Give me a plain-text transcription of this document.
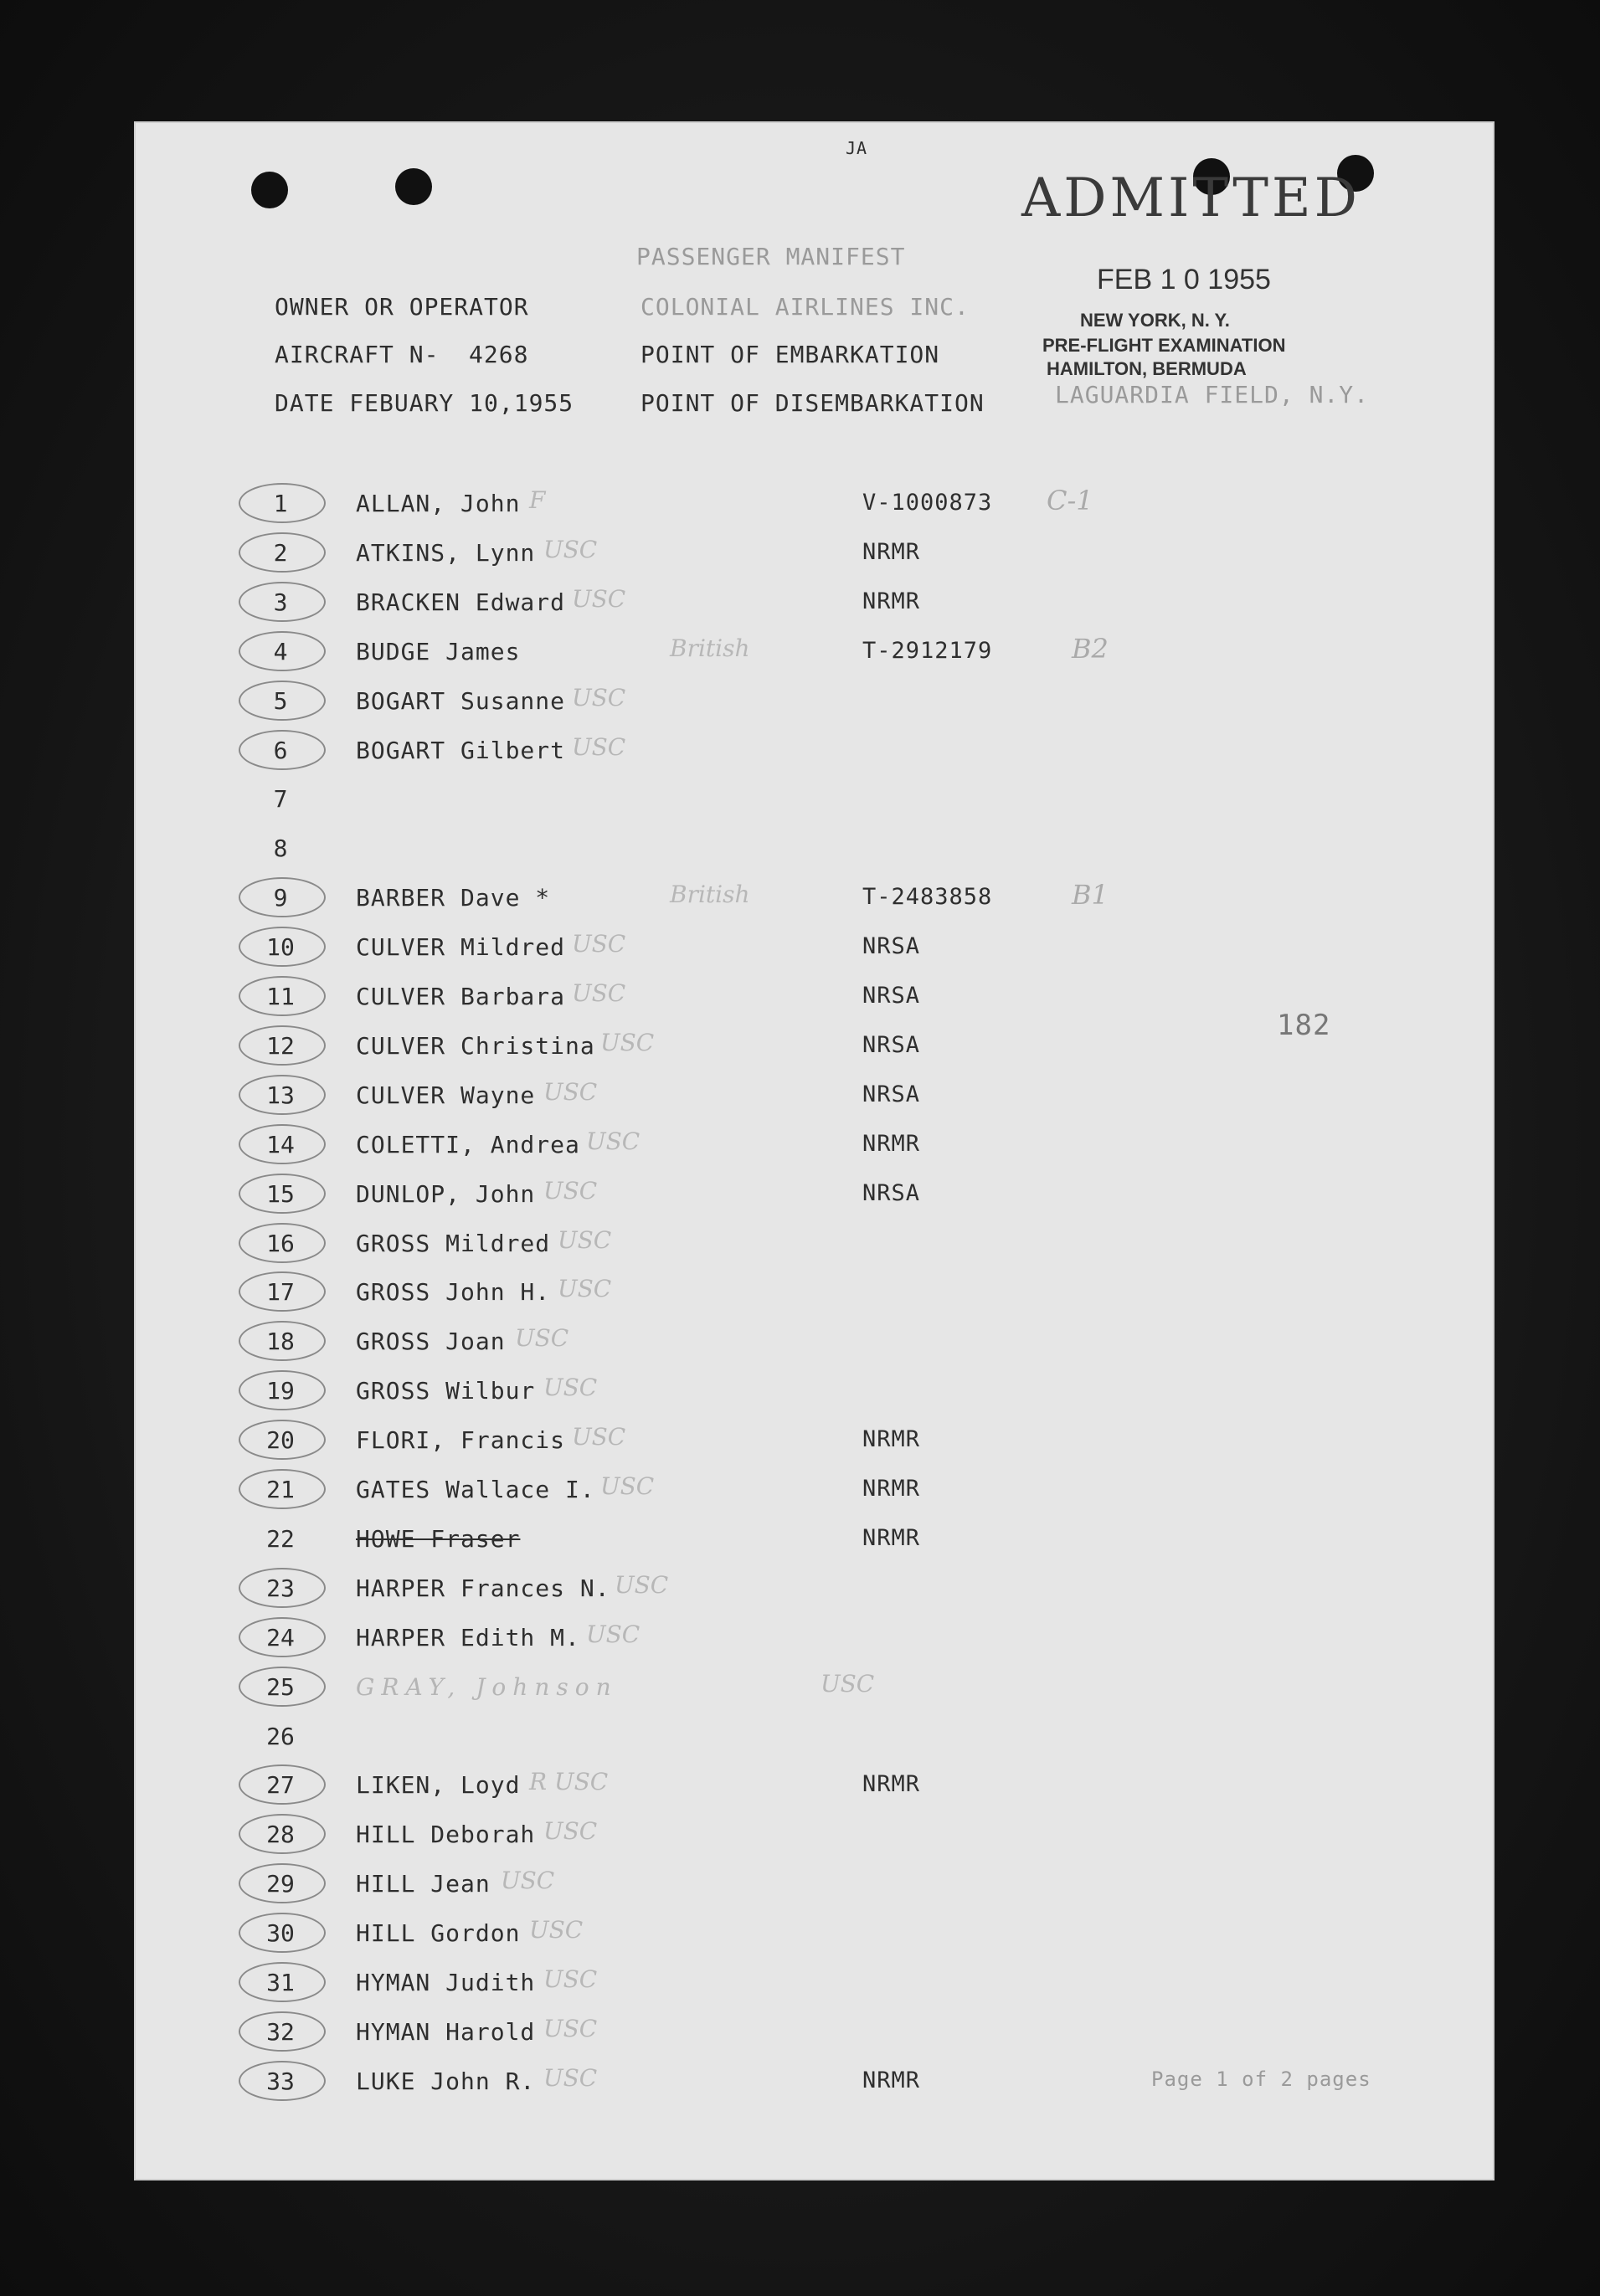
JA
ADMITTED
FEB 1 0 1955
NEW YORK, N. Y.
PRE-FLIGHT EXAMINATION
HAMILTON, BERMUDA
PASSENGER MANIFEST
OWNER OR OPERATOR	COLONIAL AIRLINES INC.
AIRCRAFT N- 4268	POINT OF EMBARKATION
DATE FEBUARY 10,1955	POINT OF DISEMBARKATION	LAGUARDIA FIELD, N.Y.
1	ALLAN, John F	V-1000873 C-1
2	ATKINS, Lynn USC	NRMR
3	BRACKEN Edward USC	NRMR
4	BUDGE James	British	T-2912179	B2
5	BOGART Susanne USC
6	BOGART Gilbert USC
7
8
9	BARBER Dave *	British	T-2483858	B1
10	CULVER Mildred USC	NRSA
11	CULVER Barbara USC	NRSA
12	CULVER Christina USC	NRSA
13	CULVER Wayne USC	NRSA
14	COLETTI, Andrea USC	NRMR
15	DUNLOP, John USC	NRSA
16	GROSS Mildred USC
17	GROSS John H. USC
18	GROSS Joan USC
19	GROSS Wilbur USC
20	FLORI, Francis USC	NRMR
21	GATES Wallace I. USC	NRMR
22	HOWE Fraser	NRMR
23	HARPER Frances N. USC
24	HARPER Edith M. USC
25	GRAY, Johnson	USC
26
27	LIKEN, Loyd R USC	NRMR
28	HILL Deborah USC
29	HILL Jean USC
30	HILL Gordon USC
31	HYMAN Judith USC
32	HYMAN Harold USC
33	LUKE John R. USC	NRMR
182
Page 1 of 2 pages
